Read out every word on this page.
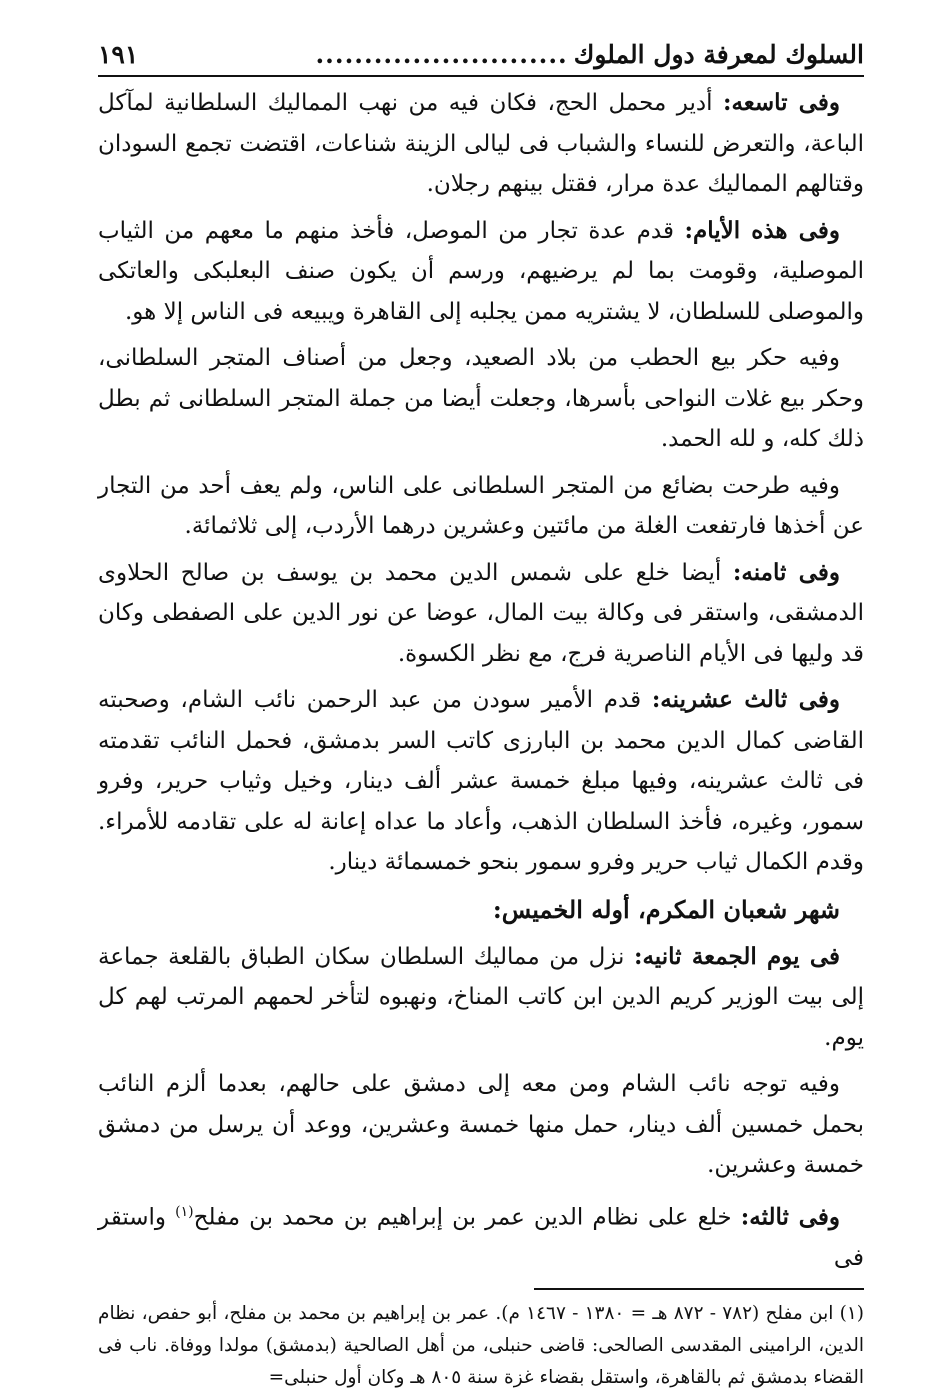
السلوك لمعرفة دول الملوك
..........................
١٩١

وفى تاسعه: أدير محمل الحج، فكان فيه من نهب المماليك السلطانية لمآكل الباعة، والتعرض للنساء والشباب فى ليالى الزينة شناعات، اقتضت تجمع السودان وقتالهم المماليك عدة مرار، فقتل بينهم رجلان.

وفى هذه الأيام: قدم عدة تجار من الموصل، فأخذ منهم ما معهم من الثياب الموصلية، وقومت بما لم يرضيهم، ورسم أن يكون صنف البعلبكى والعاتكى والموصلى للسلطان، لا يشتريه ممن يجلبه إلى القاهرة ويبيعه فى الناس إلا هو.

وفيه حكر بيع الحطب من بلاد الصعيد، وجعل من أصناف المتجر السلطانى، وحكر بيع غلات النواحى بأسرها، وجعلت أيضا من جملة المتجر السلطانى ثم بطل ذلك كله، و لله الحمد.

وفيه طرحت بضائع من المتجر السلطانى على الناس، ولم يعف أحد من التجار عن أخذها فارتفعت الغلة من مائتين وعشرين درهما الأردب، إلى ثلاثمائة.

وفى ثامنه: أيضا خلع على شمس الدين محمد بن يوسف بن صالح الحلاوى الدمشقى، واستقر فى وكالة بيت المال، عوضا عن نور الدين على الصفطى وكان قد وليها فى الأيام الناصرية فرج، مع نظر الكسوة.

وفى ثالث عشرينه: قدم الأمير سودن من عبد الرحمن نائب الشام، وصحبته القاضى كمال الدين محمد بن البارزى كاتب السر بدمشق، فحمل النائب تقدمته فى ثالث عشرينه، وفيها مبلغ خمسة عشر ألف دينار، وخيل وثياب حرير، وفرو سمور، وغيره، فأخذ السلطان الذهب، وأعاد ما عداه إعانة له على تقادمه للأمراء. وقدم الكمال ثياب حرير وفرو سمور بنحو خمسمائة دينار.

شهر شعبان المكرم، أوله الخميس:

فى يوم الجمعة ثانيه: نزل من مماليك السلطان سكان الطباق بالقلعة جماعة إلى بيت الوزير كريم الدين ابن كاتب المناخ، ونهبوه لتأخر لحمهم المرتب لهم كل يوم.

وفيه توجه نائب الشام ومن معه إلى دمشق على حالهم، بعدما ألزم النائب بحمل خمسين ألف دينار، حمل منها خمسة وعشرين، ووعد أن يرسل من دمشق خمسة وعشرين.

وفى ثالثه: خلع على نظام الدين عمر بن إبراهيم بن محمد بن مفلح$^{(١)}$ واستقر فى

(١) ابن مفلح (٧٨٢ - ٨٧٢ هـ = ١٣٨٠ - ١٤٦٧ م). عمر بن إبراهيم بن محمد بن مفلح، أبو حفص، نظام الدين، الرامينى المقدسى الصالحى: قاضى حنبلى، من أهل الصالحية (بدمشق) مولدا ووفاة. ناب فى القضاء بدمشق ثم بالقاهرة، واستقل بقضاء غزة سنة ٨٠٥ هـ وكان أول حنبلى=
